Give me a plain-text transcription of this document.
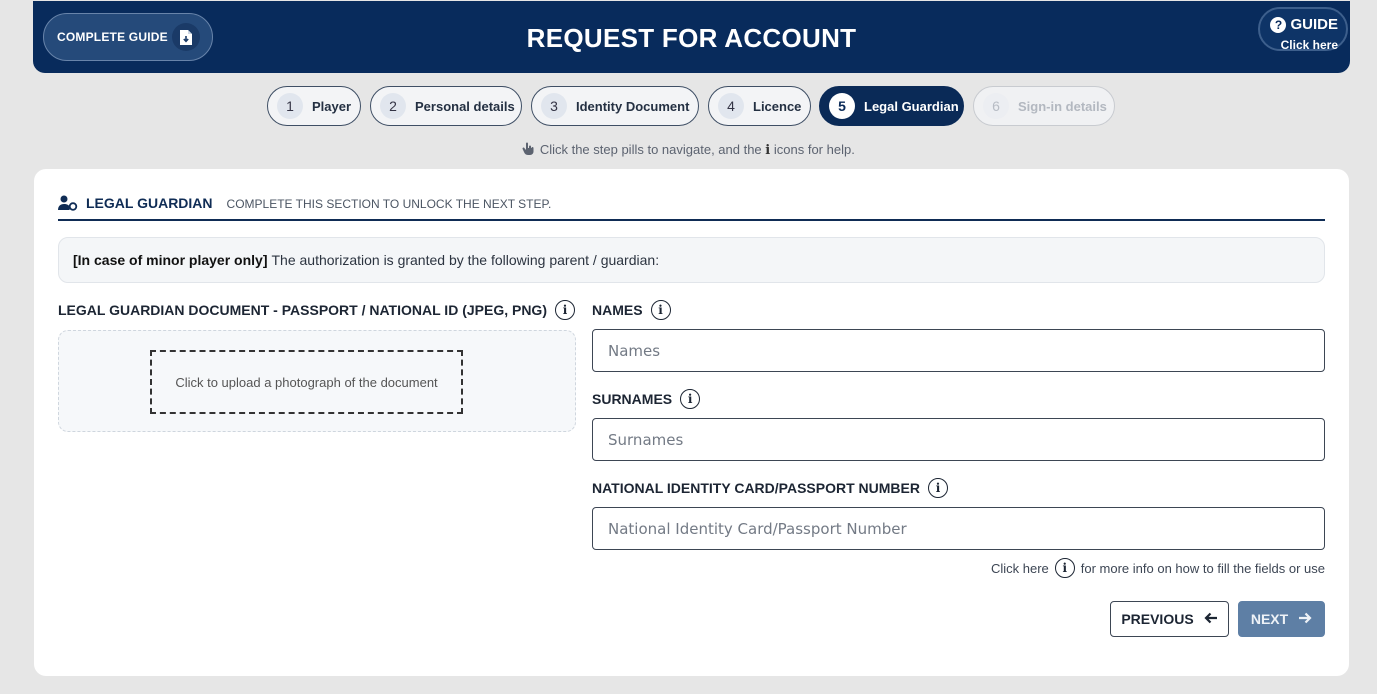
COMPLETE GUIDE	REQUEST FOR ACCOUNT	? GUIDE
Click here
1	Player	2	Personal details	3	Identity Document	4	Licence	5	Legal Guardian	6	Sign-in details
Click the step pills to navigate, and the i icons for help.
LEGAL GUARDIAN COMPLETE THIS SECTION TO UNLOCK THE NEXT STEP.
[In case of minor player only] The authorization is granted by the following parent / guardian:
LEGAL GUARDIAN DOCUMENT - PASSPORT / NATIONAL ID (JPEG, PNG)	i
Click to upload a photograph of the document
NAMES	i
Names
SURNAMES	i
Surnames
NATIONAL IDENTITY CARD/PASSPORT NUMBER	i
National Identity Card/Passport Number
Click here	i	for more info on how to fill the fields or use
PREVIOUS	NEXT
